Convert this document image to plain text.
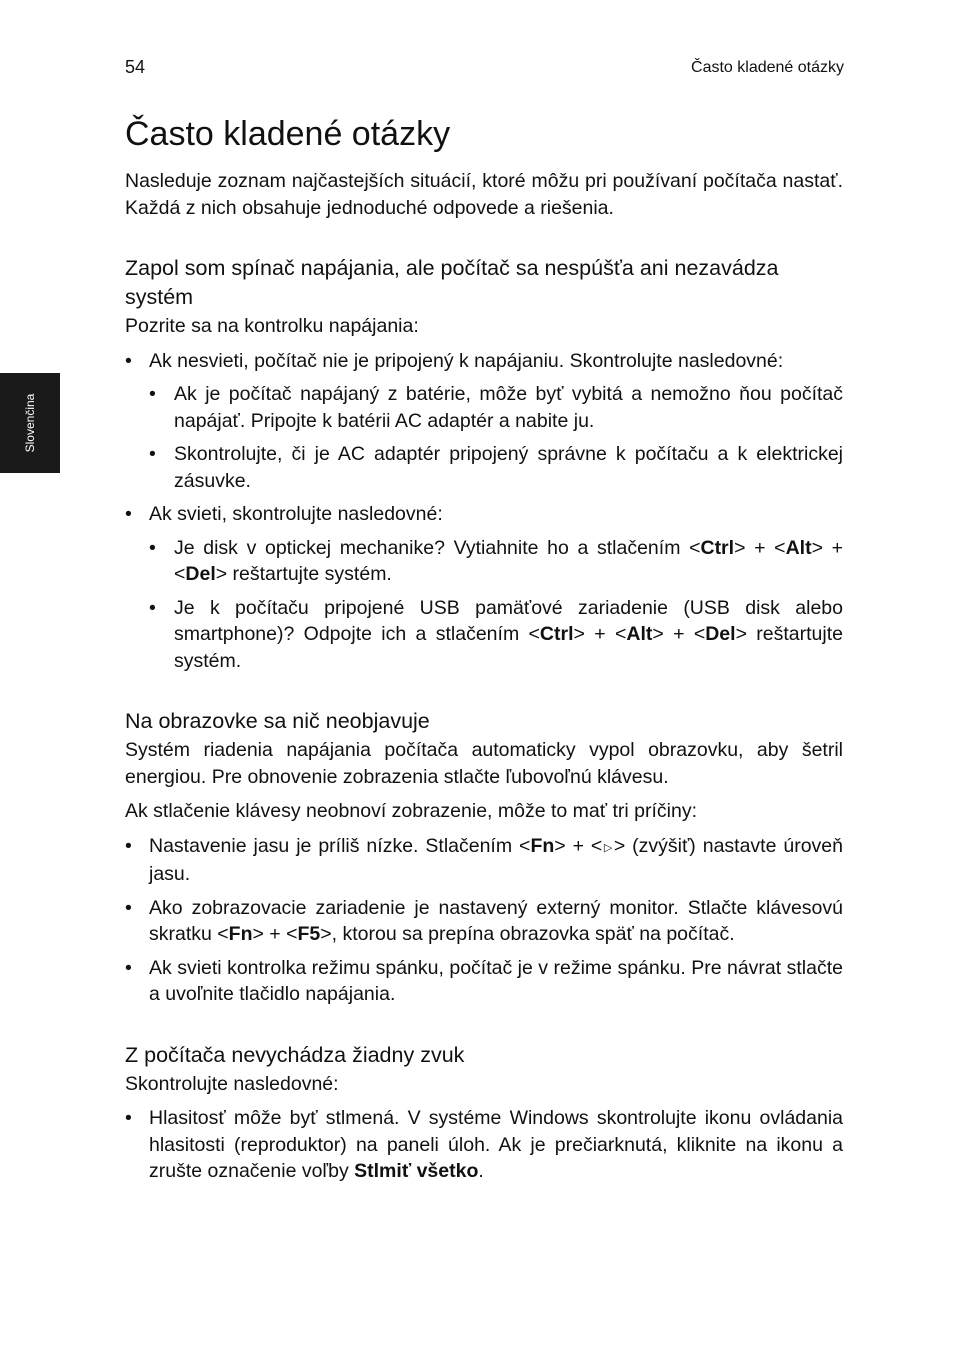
54	Často kladené otázky
Slovenčina
Často kladené otázky

Nasleduje zoznam najčastejších situácií, ktoré môžu pri používaní počítača nastať. Každá z nich obsahuje jednoduché odpovede a riešenia.

Zapol som spínač napájania, ale počítač sa nespúšťa ani nezavádza systém

Pozrite sa na kontrolku napájania:

• Ak nesvieti, počítač nie je pripojený k napájaniu. Skontrolujte nasledovné:
• Ak je počítač napájaný z batérie, môže byť vybitá a nemožno ňou počítač napájať. Pripojte k batérii AC adaptér a nabite ju.
• Skontrolujte, či je AC adaptér pripojený správne k počítaču a k elektrickej zásuvke.
• Ak svieti, skontrolujte nasledovné:
• Je disk v optickej mechanike? Vytiahnite ho a stlačením <Ctrl> + <Alt> + <Del> reštartujte systém.
• Je k počítaču pripojené USB pamäťové zariadenie (USB disk alebo smartphone)? Odpojte ich a stlačením <Ctrl> + <Alt> + <Del> reštartujte systém.
Na obrazovke sa nič neobjavuje

Systém riadenia napájania počítača automaticky vypol obrazovku, aby šetril energiou. Pre obnovenie zobrazenia stlačte ľubovoľnú klávesu.

Ak stlačenie klávesy neobnoví zobrazenie, môže to mať tri príčiny:

• Nastavenie jasu je príliš nízke. Stlačením <Fn> + <▷> (zvýšiť) nastavte úroveň jasu.
• Ako zobrazovacie zariadenie je nastavený externý monitor. Stlačte klávesovú skratku <Fn> + <F5>, ktorou sa prepína obrazovka späť na počítač.
• Ak svieti kontrolka režimu spánku, počítač je v režime spánku. Pre návrat stlačte a uvoľnite tlačidlo napájania.
Z počítača nevychádza žiadny zvuk

Skontrolujte nasledovné:

• Hlasitosť môže byť stlmená. V systéme Windows skontrolujte ikonu ovládania hlasitosti (reproduktor) na paneli úloh. Ak je prečiarknutá, kliknite na ikonu a zrušte označenie voľby Stlmiť všetko.
